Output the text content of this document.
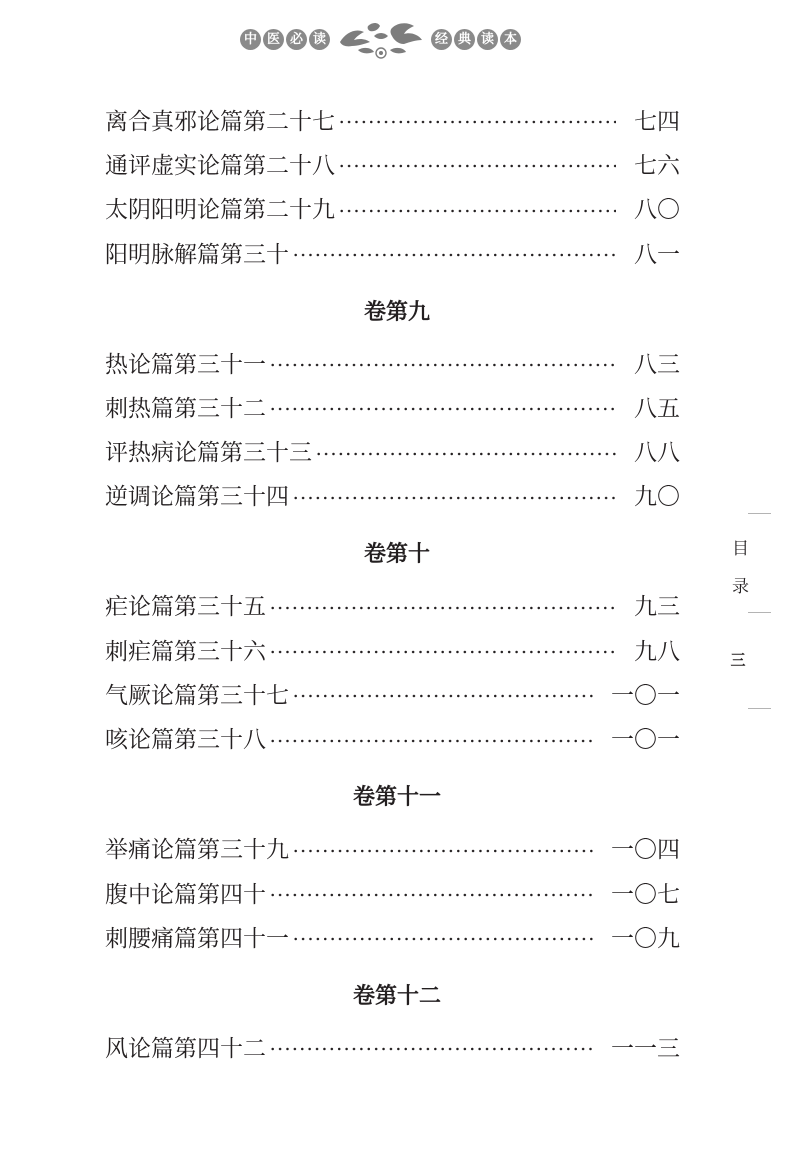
中 医 必 读	经 典 读 本
离合真邪论篇第二十七	七四
通评虚实论篇第二十八	七六
太阴阳明论篇第二十九	八〇
阳明脉解篇第三十	八一
卷第九
热论篇第三十一	八三
刺热篇第三十二	八五
评热病论篇第三十三	八八
逆调论篇第三十四	九〇
卷第十
疟论篇第三十五	九三
刺疟篇第三十六	九八
气厥论篇第三十七	一〇一
咳论篇第三十八	一〇一
卷第十一
举痛论篇第三十九	一〇四
腹中论篇第四十	一〇七
刺腰痛篇第四十一	一〇九
卷第十二
风论篇第四十二	一一三
目录
三
